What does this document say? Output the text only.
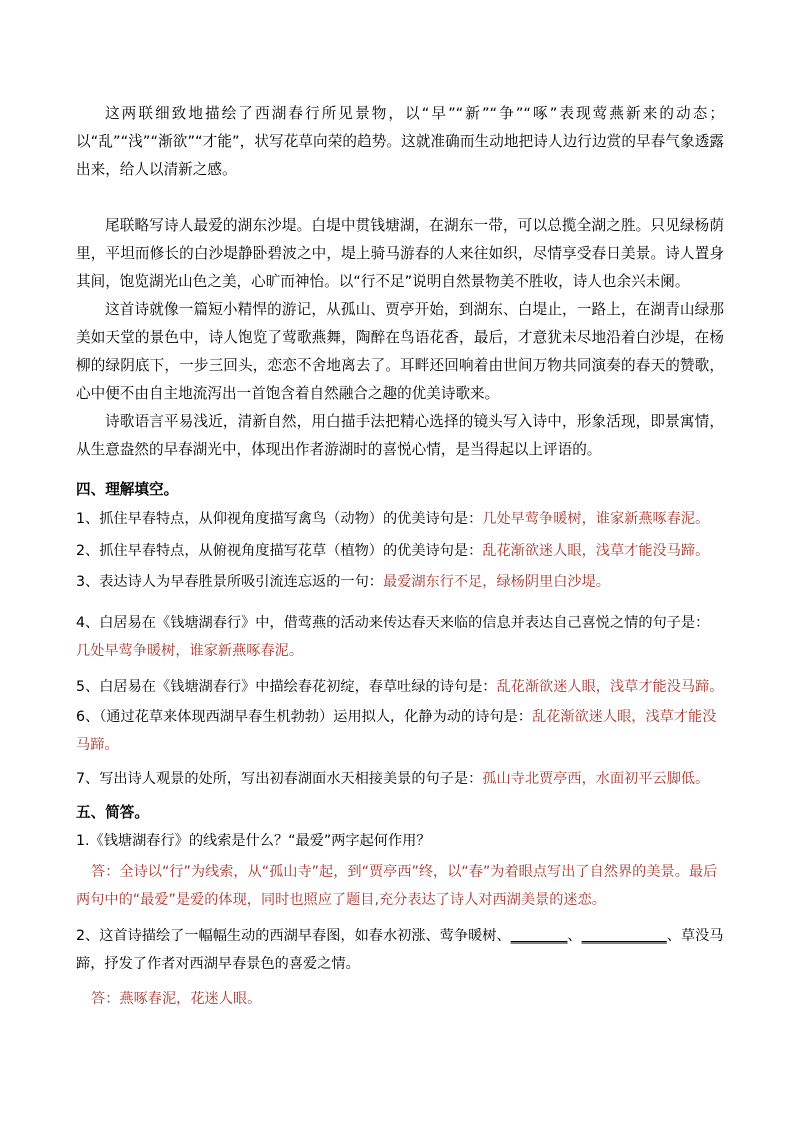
这两联细致地描绘了西湖春行所见景物，以“早”“新”“争”“啄”表现莺燕新来的动态；以“乱”“浅”“渐欲”“才能”，状写花草向荣的趋势。这就准确而生动地把诗人边行边赏的早春气象透露出来，给人以清新之感。

尾联略写诗人最爱的湖东沙堤。白堤中贯钱塘湖，在湖东一带，可以总揽全湖之胜。只见绿杨荫里，平坦而修长的白沙堤静卧碧波之中，堤上骑马游春的人来往如织，尽情享受春日美景。诗人置身其间，饱览湖光山色之美，心旷而神怡。以“行不足”说明自然景物美不胜收，诗人也余兴未阑。

这首诗就像一篇短小精悍的游记，从孤山、贾亭开始，到湖东、白堤止，一路上，在湖青山绿那美如天堂的景色中，诗人饱览了莺歌燕舞，陶醉在鸟语花香，最后，才意犹未尽地沿着白沙堤，在杨柳的绿阴底下，一步三回头，恋恋不舍地离去了。耳畔还回响着由世间万物共同演奏的春天的赞歌，心中便不由自主地流泻出一首饱含着自然融合之趣的优美诗歌来。

诗歌语言平易浅近，清新自然，用白描手法把精心选择的镜头写入诗中，形象活现，即景寓情，从生意盎然的早春湖光中，体现出作者游湖时的喜悦心情，是当得起以上评语的。

四、理解填空。

1、抓住早春特点，从仰视角度描写禽鸟（动物）的优美诗句是：几处早莺争暖树，谁家新燕啄春泥。

2、抓住早春特点，从俯视角度描写花草（植物）的优美诗句是：乱花渐欲迷人眼，浅草才能没马蹄。

3、表达诗人为早春胜景所吸引流连忘返的一句：最爱湖东行不足，绿杨阴里白沙堤。

4、白居易在《钱塘湖春行》中，借莺燕的活动来传达春天来临的信息并表达自己喜悦之情的句子是：
几处早莺争暖树，谁家新燕啄春泥。

5、白居易在《钱塘湖春行》中描绘春花初绽，春草吐绿的诗句是：乱花渐欲迷人眼，浅草才能没马蹄。

6、（通过花草来体现西湖早春生机勃勃）运用拟人，化静为动的诗句是：乱花渐欲迷人眼，浅草才能没马蹄。

7、写出诗人观景的处所，写出初春湖面水天相接美景的句子是：孤山寺北贾亭西，水面初平云脚低。

五、简答。

1.《钱塘湖春行》的线索是什么？“最爱”两字起何作用？

答：全诗以“行”为线索，从“孤山寺”起，到“贾亭西”终，以“春”为着眼点写出了自然界的美景。最后两句中的“最爱”是爱的体现，同时也照应了题目,充分表达了诗人对西湖美景的迷恋。

2、这首诗描绘了一幅幅生动的西湖早春图，如春水初涨、莺争暖树、________、____________、草没马蹄，抒发了作者对西湖早春景色的喜爱之情。

答：燕啄春泥，花迷人眼。
